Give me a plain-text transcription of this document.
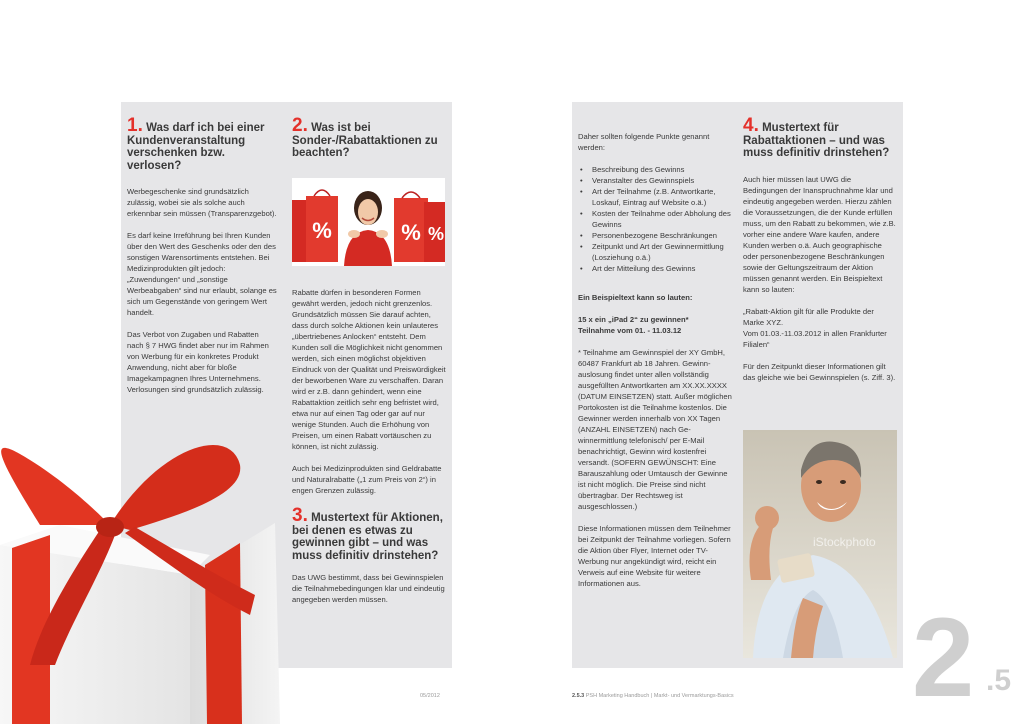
1. Was darf ich bei einer Kundenveranstaltung verschenken bzw. verlosen?

Werbegeschenke sind grundsätzlich zulässig, wobei sie als solche auch erkennbar sein müssen (Transparenzgebot).

Es darf keine Irreführung bei Ihren Kunden über den Wert des Geschenks oder den des sonstigen Warensortiments entstehen. Bei Medizinprodukten gilt jedoch: „Zuwendungen“ und „sonstige Werbeabgaben“ sind nur erlaubt, solange es sich um Gegenstände von geringem Wert handelt.

Das Verbot von Zugaben und Rabatten nach § 7 HWG findet aber nur im Rahmen von Werbung für ein konkretes Produkt Anwendung, nicht aber für bloße Imagekampagnen Ihres Unternehmens. Verlosungen sind grundsätzlich zulässig.

2. Was ist bei Sonder-/Rabattaktionen zu beachten?
%	% %

Rabatte dürfen in besonderen Formen gewährt werden, jedoch nicht grenzenlos. Grundsätzlich müssen Sie darauf achten, dass durch solche Aktionen kein unlauteres „übertriebenes Anlocken“ entsteht. Dem Kunden soll die Möglichkeit nicht genommen werden, sich einen möglichst objektiven Eindruck von der Qualität und Preiswürdigkeit der beworbenen Ware zu verschaffen. Daran wird er z.B. dann gehindert, wenn eine Rabattaktion zeitlich sehr eng befristet wird, etwa nur auf einen Tag oder gar auf nur wenige Stunden. Auch die Erhöhung von Preisen, um einen Rabatt vortäuschen zu können, ist nicht zulässig.

Auch bei Medizinprodukten sind Geldrabatte und Naturalrabatte („1 zum Preis von 2“) in engen Grenzen zulässig.

3. Mustertext für Aktionen, bei denen es etwas zu gewinnen gibt – und was muss definitiv drinstehen?

Das UWG bestimmt, dass bei Gewinnspielen die Teilnahmebedingungen klar und eindeutig angegeben werden müssen.

05/2012

Daher sollten folgende Punkte genannt werden:

• Beschreibung des Gewinns
• Veranstalter des Gewinnspiels
• Art der Teilnahme (z.B. Antwortkarte, Loskauf, Eintrag auf Website o.ä.)
• Kosten der Teilnahme oder Abholung des Gewinns
• Personenbezogene Beschränkungen
• Zeitpunkt und Art der Gewinnermittlung (Losziehung o.ä.)
• Art der Mitteilung des Gewinns

Ein Beispieltext kann so lauten:

15 x ein „iPad 2“ zu gewinnen*

Teilnahme vom 01. - 11.03.12

* Teilnahme am Gewinnspiel der XY GmbH, 60487 Frankfurt ab 18 Jahren. Gewinn-auslosung findet unter allen vollständig ausgefüllten Antwortkarten am XX.XX.XXXX (DATUM EINSETZEN) statt. Außer möglichen Portokosten ist die Teilnahme kostenlos. Die Gewinner werden innerhalb von XX Tagen (ANZAHL EINSETZEN) nach Ge-winnermittlung telefonisch/ per E-Mail benachrichtigt, Gewinn wird kostenfrei versandt. (SOFERN GEWÜNSCHT: Eine Barauszahlung oder Umtausch der Gewinne ist nicht möglich. Die Preise sind nicht übertragbar. Der Rechtsweg ist ausgeschlossen.)

Diese Informationen müssen dem Teilnehmer bei Zeitpunkt der Teilnahme vorliegen. Sofern die Aktion über Flyer, Internet oder TV-Werbung nur angekündigt wird, reicht ein Verweis auf eine Website für weitere Informationen aus.

4. Mustertext für Rabattaktionen – und was muss definitiv drinstehen?

Auch hier müssen laut UWG die Bedingungen der Inanspruchnahme klar und eindeutig angegeben werden. Hierzu zählen die Voraussetzungen, die der Kunde erfüllen muss, um den Rabatt zu bekommen, wie z.B. vorher eine andere Ware kaufen, andere Kunden werben o.ä. Auch geographische oder personenbezogene Beschränkungen sowie der Geltungszeitraum der Aktion müssen genannt werden. Ein Beispieltext kann so lauten:

„Rabatt-Aktion gilt für alle Produkte der Marke XYZ.

Vom 01.03.-11.03.2012 in allen Frankfurter Filialen“

Für den Zeitpunkt dieser Informationen gilt das gleiche wie bei Gewinnspielen (s. Ziff. 3).

iStockphoto
2.5.3 PSH Marketing Handbuch | Markt- und Vermarktungs-Basics 2 .5
